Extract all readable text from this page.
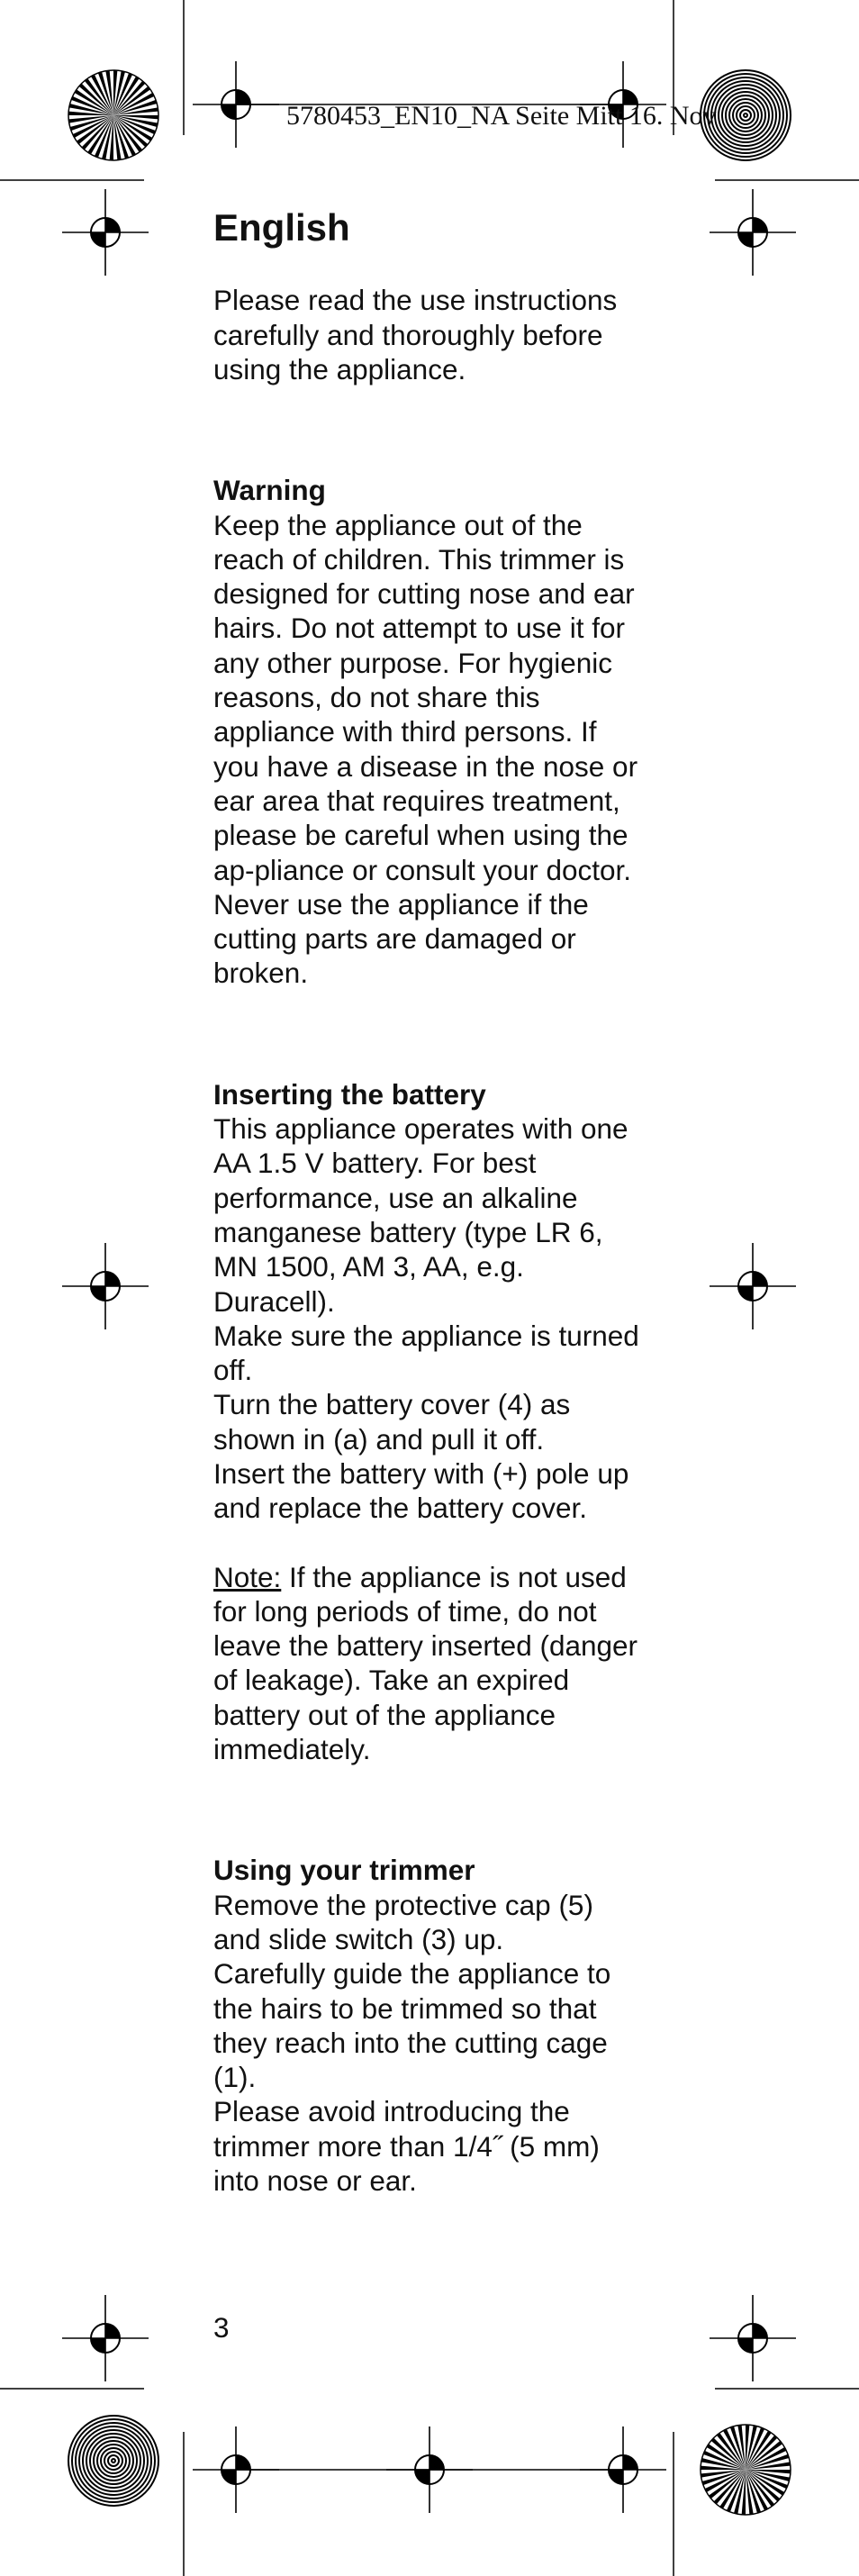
5780453_EN10_NA Seite Mitt 16. Nov
English

Please read the use instructions carefully and thoroughly before using the appliance.

Warning

Keep the appliance out of the reach of children. This trimmer is designed for cutting nose and ear hairs. Do not attempt to use it for any other purpose. For hygienic reasons, do not share this appliance with third persons. If you have a disease in the nose or ear area that requires treatment, please be careful when using the ap-pliance or consult your doctor. Never use the appliance if the cutting parts are damaged or broken.

Inserting the battery

This appliance operates with one AA 1.5 V battery. For best performance, use an alkaline manganese battery (type LR 6, MN 1500, AM 3, AA, e.g. Duracell).

Make sure the appliance is turned off.

Turn the battery cover (4) as shown in (a) and pull it off.

Insert the battery with (+) pole up and replace the battery cover.

Note: If the appliance is not used for long periods of time, do not leave the battery inserted (danger of leakage). Take an expired battery out of the appliance immediately.

Using your trimmer

Remove the protective cap (5) and slide switch (3) up.

Carefully guide the appliance to the hairs to be trimmed so that they reach into the cutting cage (1).

Please avoid introducing the trimmer more than 1/4˝ (5 mm) into nose or ear.

3
